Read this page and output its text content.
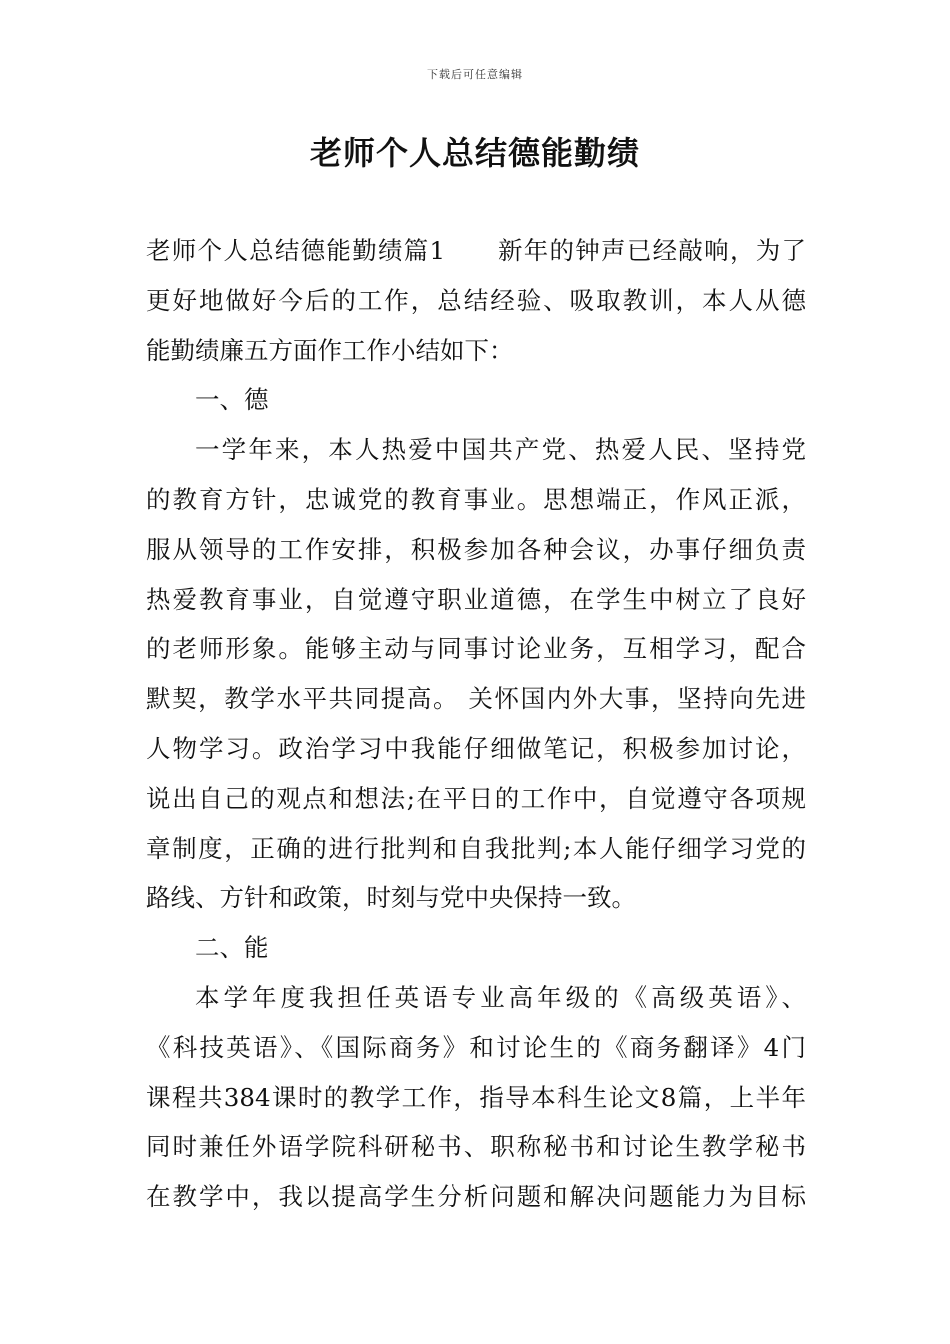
下载后可任意编辑
老师个人总结德能勤绩
老师个人总结德能勤绩篇1　　新年的钟声已经敲响，为了
更好地做好今后的工作，总结经验、吸取教训，本人从德
能勤绩廉五方面作工作小结如下：
一、德
一学年来，本人热爱中国共产党、热爱人民、坚持党
的教育方针，忠诚党的教育事业。思想端正，作风正派，
服从领导的工作安排，积极参加各种会议，办事仔细负责
热爱教育事业，自觉遵守职业道德，在学生中树立了良好
的老师形象。能够主动与同事讨论业务，互相学习，配合
默契，教学水平共同提高。 关怀国内外大事，坚持向先进
人物学习。政治学习中我能仔细做笔记，积极参加讨论，
说出自己的观点和想法;在平日的工作中，自觉遵守各项规
章制度，正确的进行批判和自我批判;本人能仔细学习党的
路线、方针和政策，时刻与党中央保持一致。
二、能
本学年度我担任英语专业高年级的《高级英语》、
《科技英语》、《国际商务》和讨论生的《商务翻译》4门
课程共384课时的教学工作，指导本科生论文8篇，上半年
同时兼任外语学院科研秘书、职称秘书和讨论生教学秘书
在教学中，我以提高学生分析问题和解决问题能力为目标
